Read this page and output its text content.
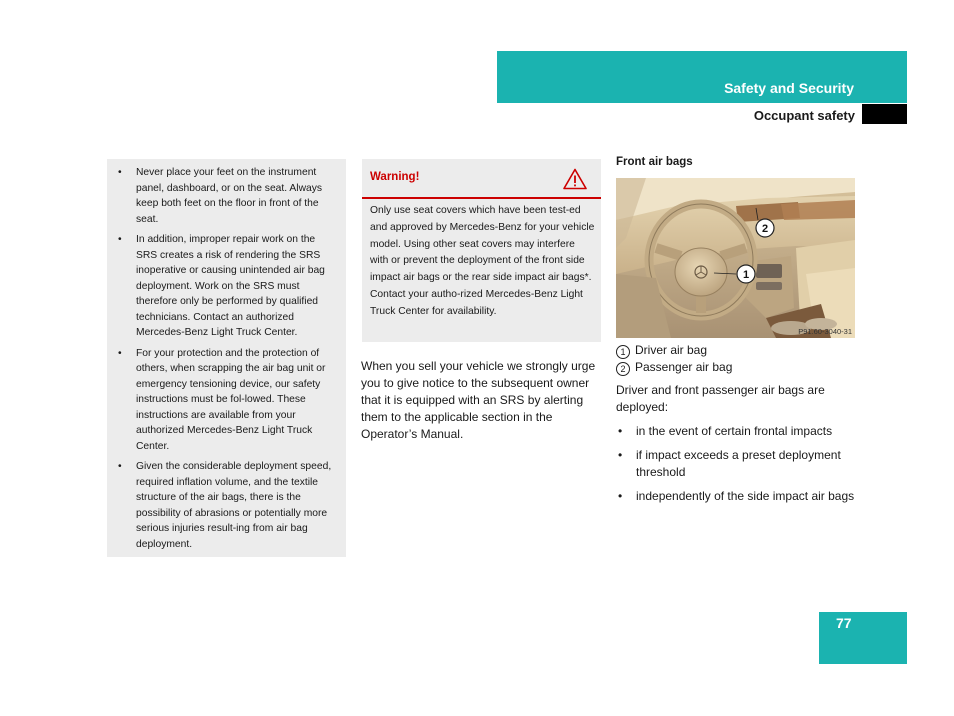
Safety and Security
Occupant safety
• Never place your feet on the instrument panel, dashboard, or on the seat. Always keep both feet on the floor in front of the seat.
• In addition, improper repair work on the SRS creates a risk of rendering the SRS inoperative or causing unintended air bag deployment. Work on the SRS must therefore only be performed by qualified technicians. Contact an authorized Mercedes-Benz Light Truck Center.
• For your protection and the protection of others, when scrapping the air bag unit or emergency tensioning device, our safety instructions must be fol-lowed. These instructions are available from your authorized Mercedes-Benz Light Truck Center.
• Given the considerable deployment speed, required inflation volume, and the textile structure of the air bags, there is the possibility of abrasions or potentially more serious injuries result-ing from air bag deployment.
Warning!
Only use seat covers which have been test-ed and approved by Mercedes-Benz for your vehicle model. Using other seat covers may interfere with or prevent the deployment of the front side impact air bags or the rear side impact air bags*. Contact your autho-rized Mercedes-Benz Light Truck Center for availability.
When you sell your vehicle we strongly urge you to give notice to the subsequent owner that it is equipped with an SRS by alerting them to the applicable section in the Operator’s Manual.
Front air bags
1
2
P91.60-3040-31
1 Driver air bag
2 Passenger air bag
Driver and front passenger air bags are deployed:
• in the event of certain frontal impacts
• if impact exceeds a preset deployment threshold
• independently of the side impact air bags
77
